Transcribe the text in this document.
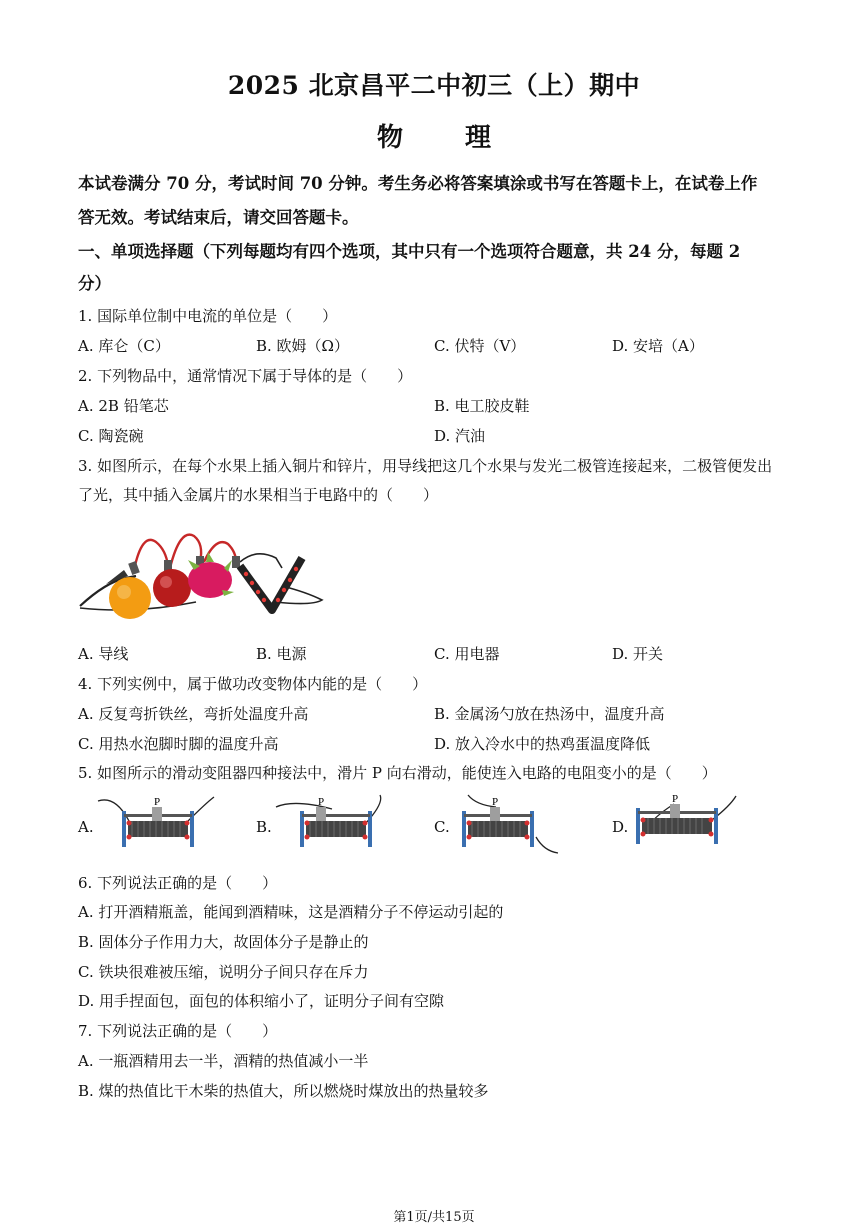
2025 北京昌平二中初三（上）期中
物 理
本试卷满分 70 分，考试时间 70 分钟。考生务必将答案填涂或书写在答题卡上，在试卷上作
答无效。考试结束后，请交回答题卡。
一、单项选择题（下列每题均有四个选项，其中只有一个选项符合题意，共 24 分，每题 2
分）
1. 国际单位制中电流的单位是（　　）
A. 库仑（C）	B. 欧姆（Ω）	C. 伏特（V）	D. 安培（A）
2. 下列物品中，通常情况下属于导体的是（　　）
A. 2B 铅笔芯	B. 电工胶皮鞋
C. 陶瓷碗	D. 汽油
3. 如图所示，在每个水果上插入铜片和锌片，用导线把这几个水果与发光二极管连接起来，二极管便发出
了光，其中插入金属片的水果相当于电路中的（　　）
A. 导线	B. 电源	C. 用电器	D. 开关
4. 下列实例中，属于做功改变物体内能的是（　　）
A. 反复弯折铁丝，弯折处温度升高	B. 金属汤勺放在热汤中，温度升高
C. 用热水泡脚时脚的温度升高	D. 放入冷水中的热鸡蛋温度降低
5. 如图所示的滑动变阻器四种接法中，滑片 P 向右滑动，能使连入电路的电阻变小的是（　　）
A.	B.	C.	D.
P	P	P	P
6. 下列说法正确的是（　　）
A. 打开酒精瓶盖，能闻到酒精味，这是酒精分子不停运动引起的
B. 固体分子作用力大，故固体分子是静止的
C. 铁块很难被压缩，说明分子间只存在斥力
D. 用手捏面包，面包的体积缩小了，证明分子间有空隙
7. 下列说法正确的是（　　）
A. 一瓶酒精用去一半，酒精的热值减小一半
B. 煤的热值比干木柴的热值大，所以燃烧时煤放出的热量较多
第1页/共15页
